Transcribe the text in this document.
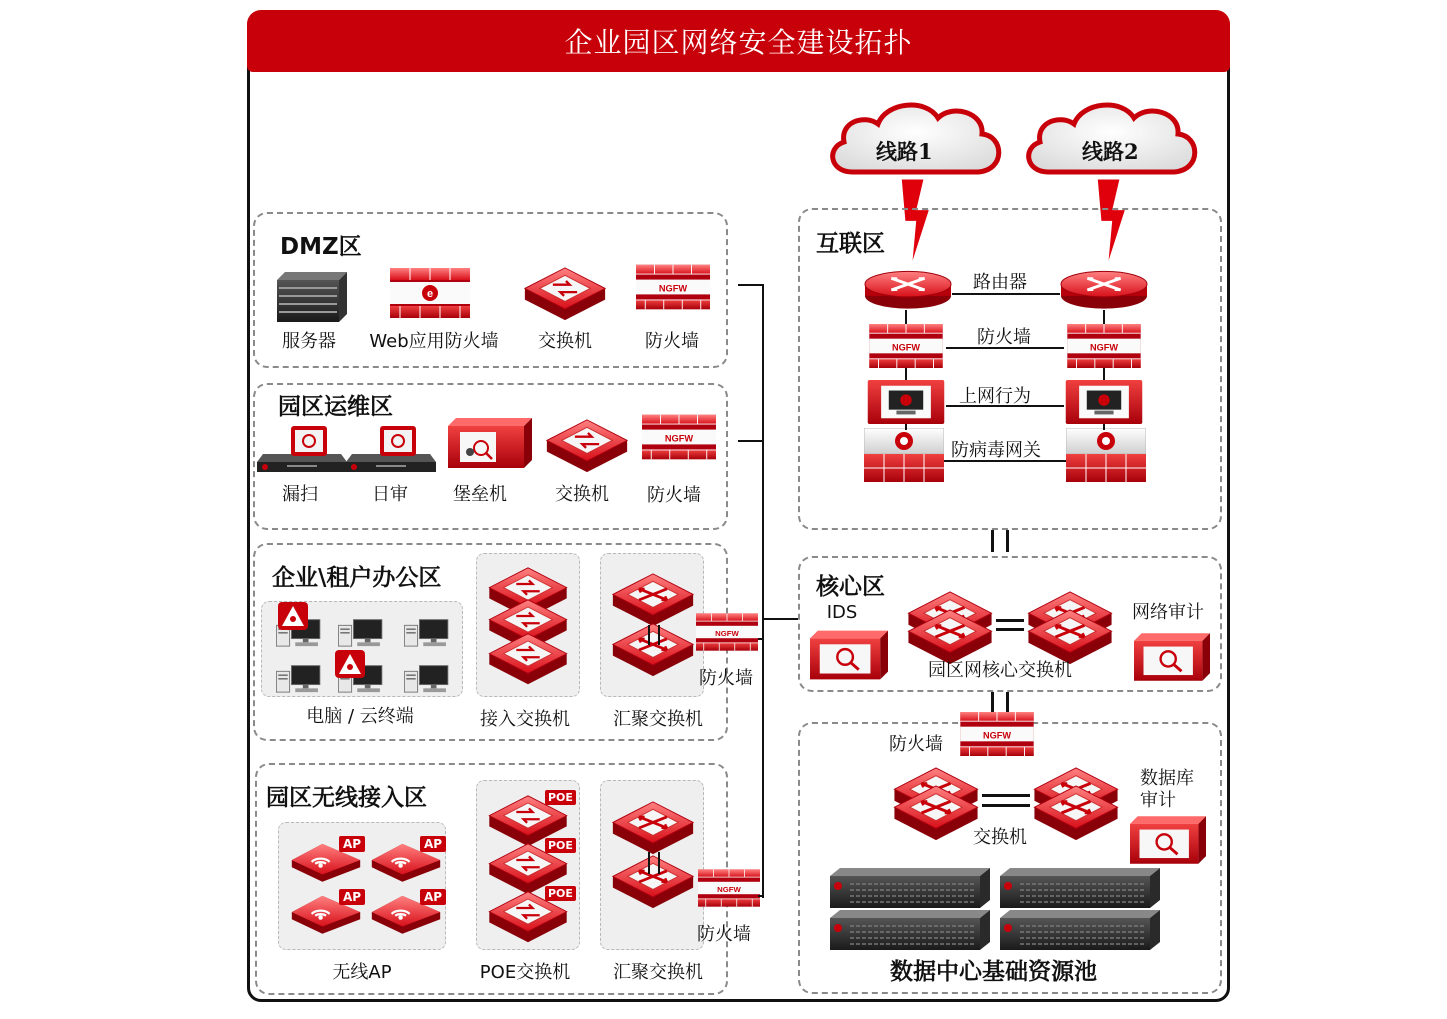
企业园区网络安全建设拓扑
DMZ区
服务器	Web应用防火墙	交换机	防火墙
园区运维区
漏扫	日审	堡垒机	交换机	防火墙
企业\租户办公区
电脑 / 云终端	接入交换机	汇聚交换机
防火墙
园区无线接入区
AP	AP
AP	AP
无线AP
POE
POE
POE
POE交换机	汇聚交换机
防火墙
线路1	线路2
互联区
路由器
防火墙
上网行为
防病毒网关
核心区
IDS
园区网核心交换机
网络审计
防火墙
数据库
审计
交换机
数据中心基础资源池
